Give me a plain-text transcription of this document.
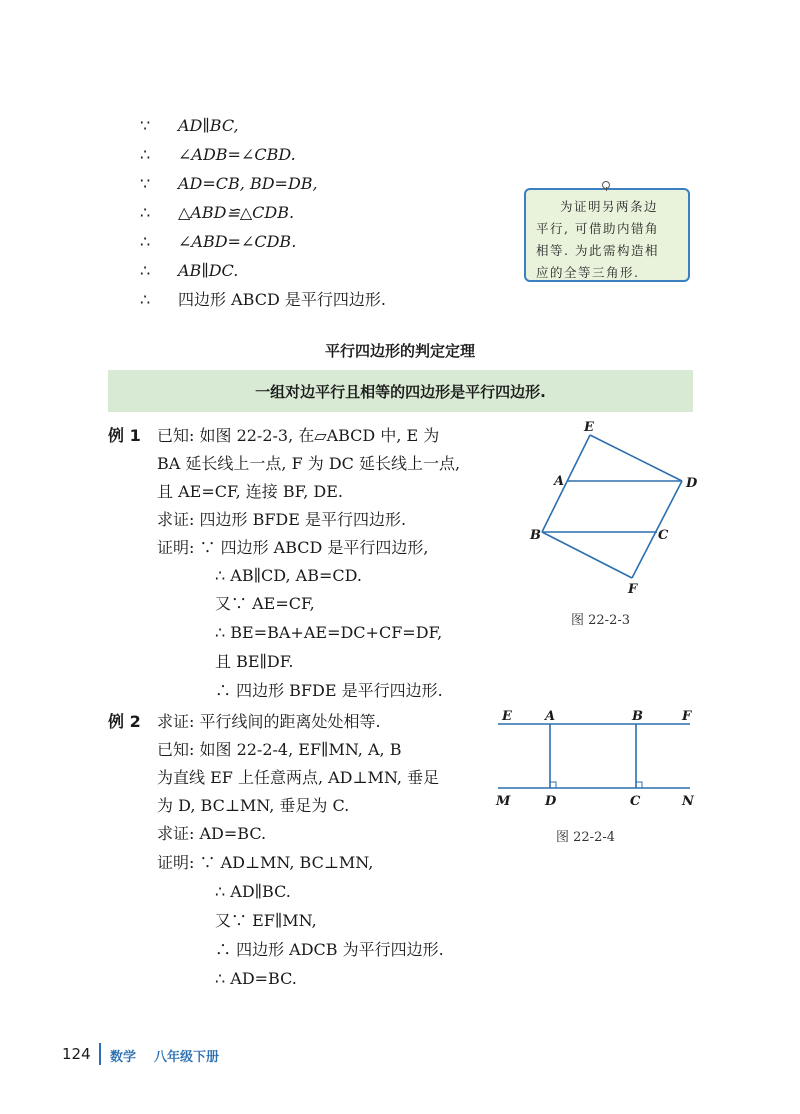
∵ AD∥BC,
∴ ∠ADB=∠CBD.
∵ AD=CB, BD=DB,
∴ △ABD≌△CDB.
∴ ∠ABD=∠CDB.
∴ AB∥DC.
∴ 四边形 ABCD 是平行四边形.

为证明另两条边

平行, 可借助内错角

相等. 为此需构造相

应的全等三角形.

平行四边形的判定定理
一组对边平行且相等的四边形是平行四边形.
例 1 已知: 如图 22-2-3, 在▱ABCD 中, E 为
BA 延长线上一点, F 为 DC 延长线上一点,
且 AE=CF, 连接 BF, DE.
求证: 四边形 BFDE 是平行四边形.
证明: ∵ 四边形 ABCD 是平行四边形,
∴ AB∥CD, AB=CD.
又∵ AE=CF,
∴ BE=BA+AE=DC+CF=DF,
且 BE∥DF.
∴ 四边形 BFDE 是平行四边形.
E
A	D
B	C
F
图 22-2-3
例 2 求证: 平行线间的距离处处相等.
已知: 如图 22-2-4, EF∥MN, A, B
为直线 EF 上任意两点, AD⊥MN, 垂足
为 D, BC⊥MN, 垂足为 C.
求证: AD=BC.
证明: ∵ AD⊥MN, BC⊥MN,
∴ AD∥BC.
又∵ EF∥MN,
∴ 四边形 ADCB 为平行四边形.
∴ AD=BC.
E	A	B	F
M	D	C	N
图 22-2-4
124 数学 八年级下册
